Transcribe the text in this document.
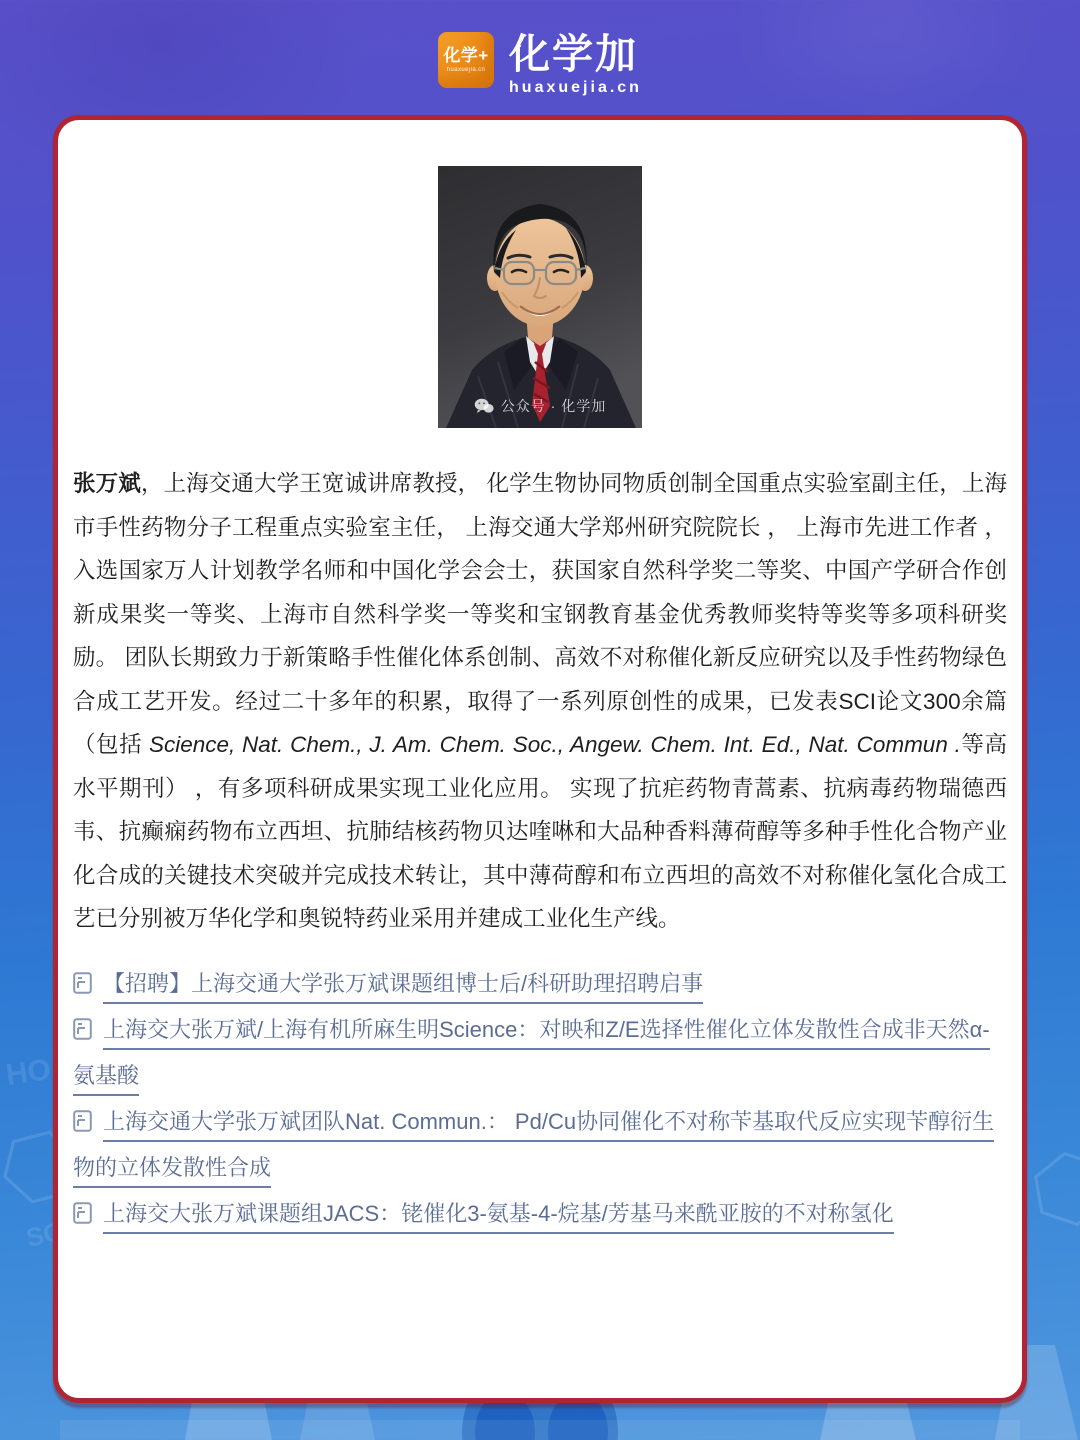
HO
SO₄
化学+
huaxuejia.cn 化学加
huaxuejia.cn
公众号 · 化学加

张万斌，上海交通大学王宽诚讲席教授， 化学生物协同物质创制全国重点实验室副主任，上海市手性药物分子工程重点实验室主任， 上海交通大学郑州研究院院长 ， 上海市先进工作者 ， 入选国家万人计划教学名师和中国化学会会士，获国家自然科学奖二等奖、中国产学研合作创新成果奖一等奖、上海市自然科学奖一等奖和宝钢教育基金优秀教师奖特等奖等多项科研奖励。 团队长期致力于新策略手性催化体系创制、高效不对称催化新反应研究以及手性药物绿色合成工艺开发。经过二十多年的积累，取得了一系列原创性的成果，已发表SCI论文300余篇（包括 Science, Nat. Chem., J. Am. Chem. Soc., Angew. Chem. Int. Ed., Nat. Commun .等高水平期刊） ，有多项科研成果实现工业化应用。 实现了抗疟药物青蒿素、抗病毒药物瑞德西韦、抗癫痫药物布立西坦、抗肺结核药物贝达喹啉和大品种香料薄荷醇等多种手性化合物产业化合成的关键技术突破并完成技术转让，其中薄荷醇和布立西坦的高效不对称催化氢化合成工艺已分别被万华化学和奥锐特药业采用并建成工业化生产线。

【招聘】上海交通大学张万斌课题组博士后/科研助理招聘启事
上海交大张万斌/上海有机所麻生明Science：对映和Z/E选择性催化立体发散性合成非天然α-氨基酸
上海交通大学张万斌团队Nat. Commun.： Pd/Cu协同催化不对称苄基取代反应实现苄醇衍生物的立体发散性合成
上海交大张万斌课题组JACS：铑催化3-氨基-4-烷基/芳基马来酰亚胺的不对称氢化
